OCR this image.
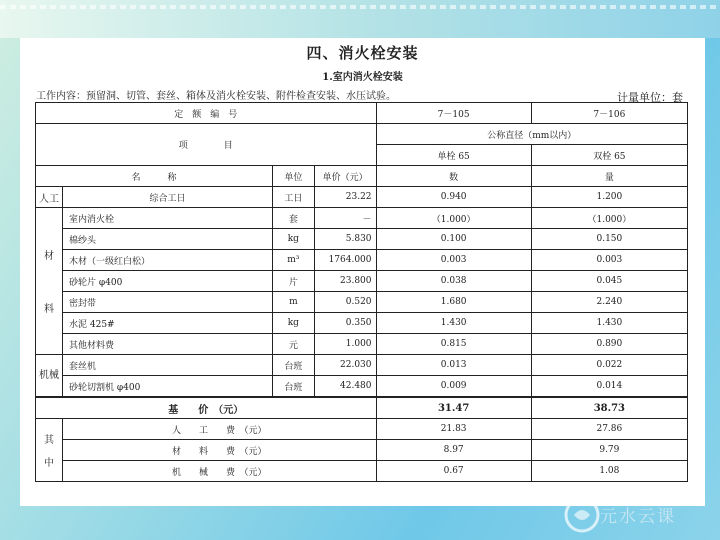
四、消火栓安装
1.室内消火栓安装
工作内容：预留洞、切管、套丝、箱体及消火栓安装、附件检查安装、水压试验。	计量单位：套
定　额　编　号				7－105	7－106
项　　　　目				公称直径（mm以内）	
				单栓 65	双栓 65
名　　　称		单位	单价（元）	数	量
人工	综合工日	工日	23.22	0.940	1.200

材
料	室内消火栓	套	－	（1.000）	（1.000）
	棉纱头	kg	5.830	0.100	0.150
	木材（一级红白松）	m³	1764.000	0.003	0.003
	砂轮片 φ400	片	23.800	0.038	0.045
	密封带	m	0.520	1.680	2.240
	水泥 425#	kg	0.350	1.430	1.430
	其他材料费	元	1.000	0.815	0.890
机械	套丝机	台班	22.030	0.013	0.022
	砂轮切割机 φ400	台班	42.480	0.009	0.014
基　　价　（元）				31.47	38.73

其
中	人　　工　　费　（元）			21.83	27.86
	材　　料　　费　（元）			8.97	9.79
	机　　械　　费　（元）			0.67	1.08
元水云课
